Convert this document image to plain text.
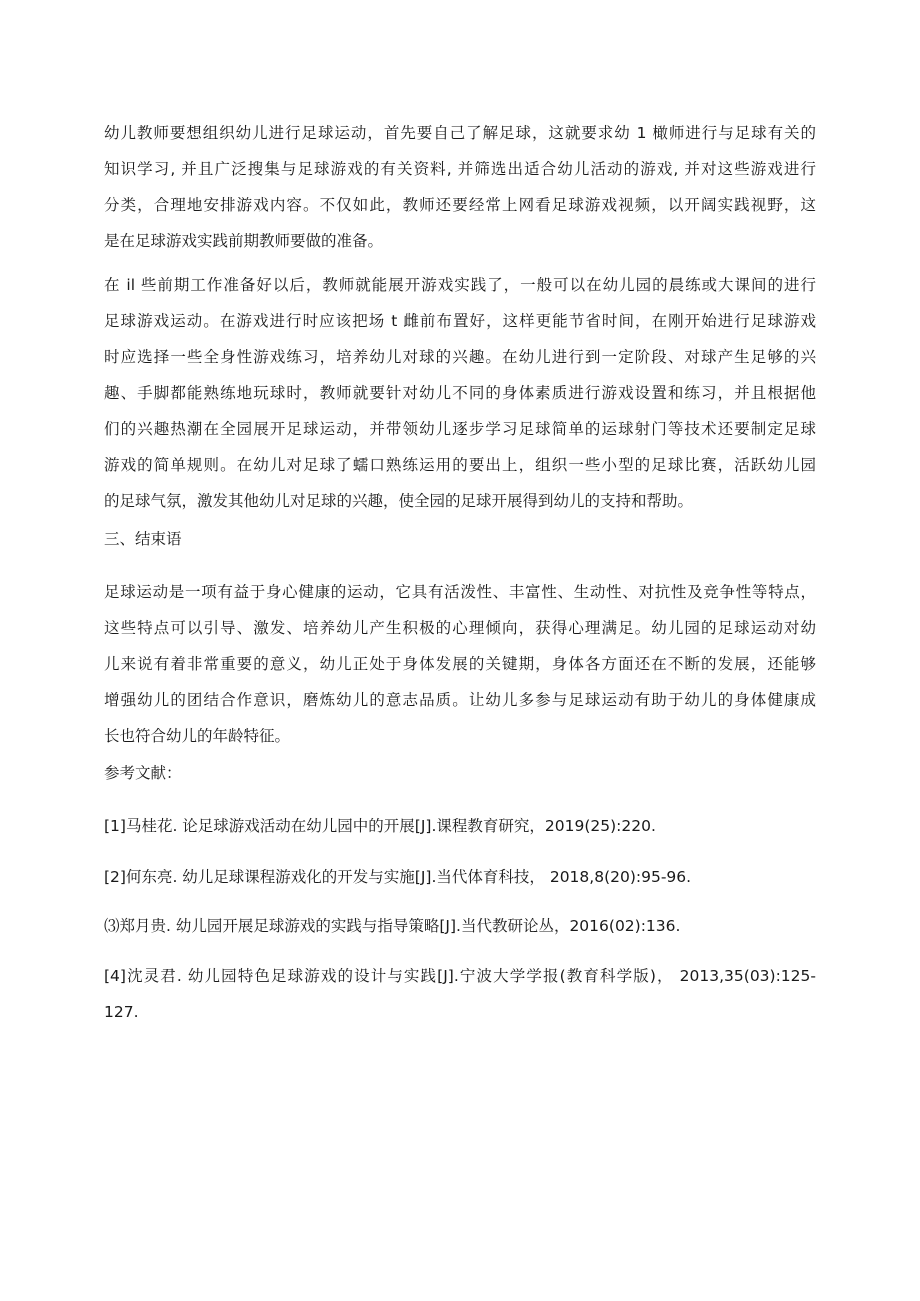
幼儿教师要想组织幼儿进行足球运动，首先要自己了解足球，这就要求幼 1 橄师进行与足球有关的
知识学习, 并且广泛搜集与足球游戏的有关资料, 并筛选出适合幼儿活动的游戏, 并对这些游戏进行
分类，合理地安排游戏内容。不仅如此，教师还要经常上网看足球游戏视频，以开阔实践视野，这
是在足球游戏实践前期教师要做的准备。
在 il 些前期工作准备好以后，教师就能展开游戏实践了，一般可以在幼儿园的晨练或大课间的进行
足球游戏运动。在游戏进行时应该把场 t 雌前布置好，这样更能节省时间，在刚开始进行足球游戏
时应选择一些全身性游戏练习，培养幼儿对球的兴趣。在幼儿进行到一定阶段、对球产生足够的兴
趣、手脚都能熟练地玩球时，教师就要针对幼儿不同的身体素质进行游戏设置和练习，并且根据他
们的兴趣热潮在全园展开足球运动，并带领幼儿逐步学习足球简单的运球射门等技术还要制定足球
游戏的简单规则。在幼儿对足球了蠕口熟练运用的要出上，组织一些小型的足球比赛，活跃幼儿园
的足球气氛，激发其他幼儿对足球的兴趣，使全园的足球开展得到幼儿的支持和帮助。
三、结束语
足球运动是一项有益于身心健康的运动，它具有活泼性、丰富性、生动性、对抗性及竞争性等特点，
这些特点可以引导、激发、培养幼儿产生积极的心理倾向，获得心理满足。幼儿园的足球运动对幼
儿来说有着非常重要的意义，幼儿正处于身体发展的关键期，身体各方面还在不断的发展，还能够
增强幼儿的团结合作意识，磨炼幼儿的意志品质。让幼儿多参与足球运动有助于幼儿的身体健康成
长也符合幼儿的年龄特征。
参考文献：
[1]马桂花. 论足球游戏活动在幼儿园中的开展[J].课程教育研究，2019(25):220.
[2]何东亮. 幼儿足球课程游戏化的开发与实施[J].当代体育科技， 2018,8(20):95-96.
⑶郑月贵. 幼儿园开展足球游戏的实践与指导策略[J].当代教研论丛，2016(02):136.
[4]沈灵君. 幼儿园特色足球游戏的设计与实践[J].宁波大学学报(教育科学版)， 2013,35(03):125-
127.
